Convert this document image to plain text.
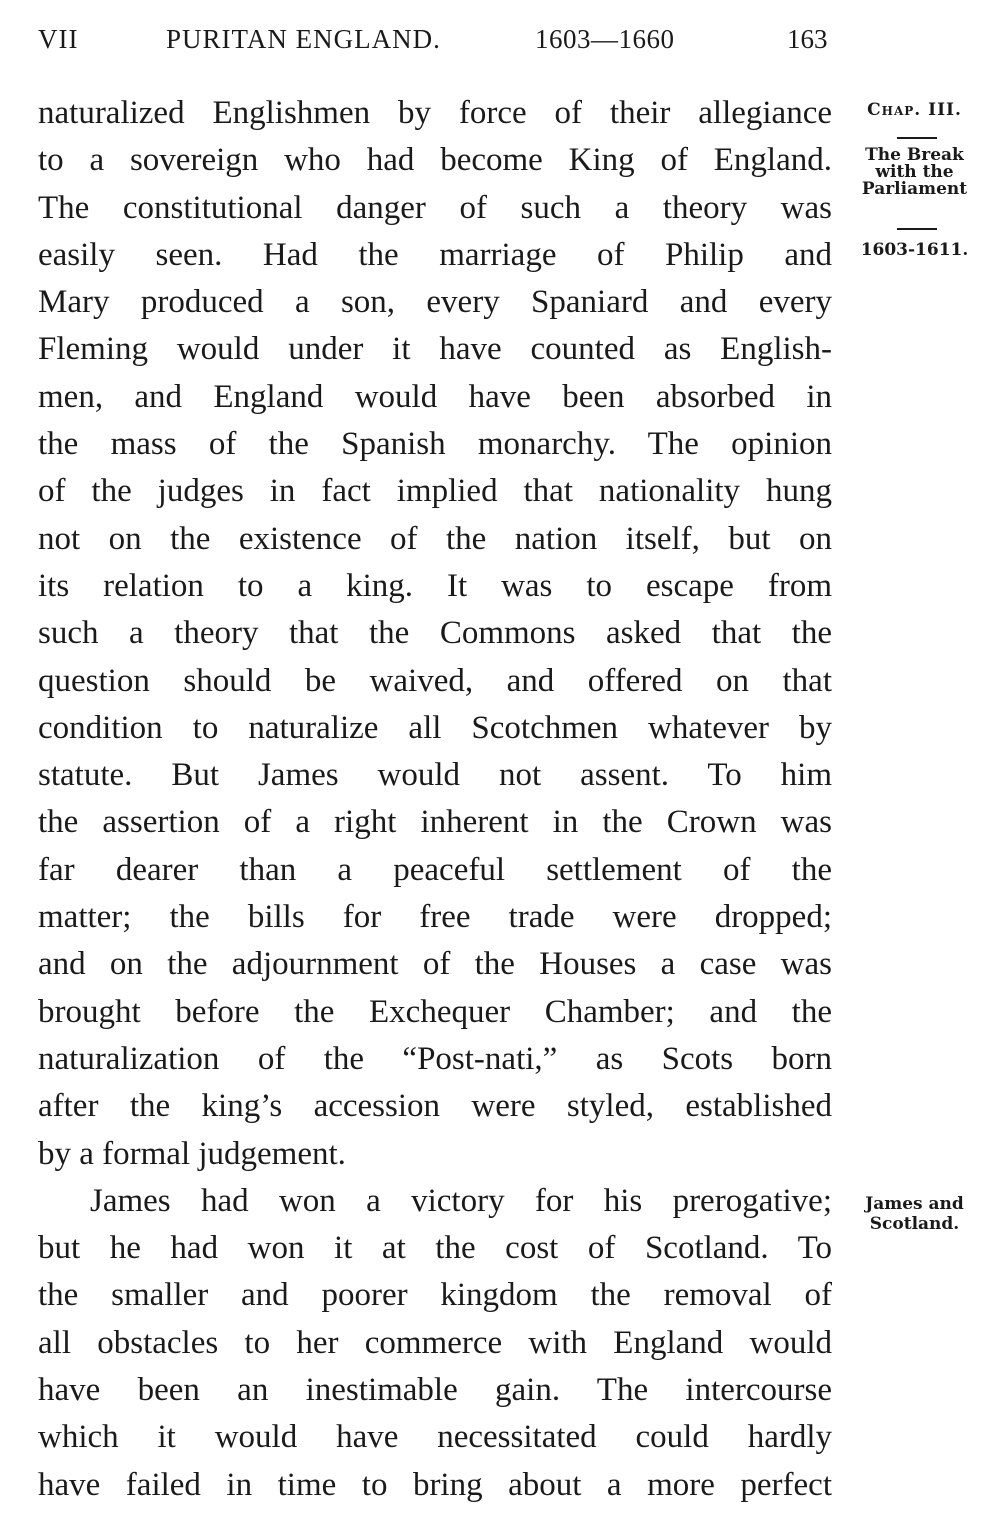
VII	PURITAN ENGLAND.	1603—1660	163
naturalized Englishmen by force of their allegiance
to a sovereign who had become King of England.
The constitutional danger of such a theory was
easily seen. Had the marriage of Philip and
Mary produced a son, every Spaniard and every
Fleming would under it have counted as English-
men, and England would have been absorbed in
the mass of the Spanish monarchy. The opinion
of the judges in fact implied that nationality hung
not on the existence of the nation itself, but on
its relation to a king. It was to escape from
such a theory that the Commons asked that the
question should be waived, and offered on that
condition to naturalize all Scotchmen whatever by
statute. But James would not assent. To him
the assertion of a right inherent in the Crown was
far dearer than a peaceful settlement of the
matter; the bills for free trade were dropped;
and on the adjournment of the Houses a case was
brought before the Exchequer Chamber; and the
naturalization of the “Post-nati,” as Scots born
after the king’s accession were styled, established
by a formal judgement.
James had won a victory for his prerogative;
but he had won it at the cost of Scotland. To
the smaller and poorer kingdom the removal of
all obstacles to her commerce with England would
have been an inestimable gain. The intercourse
which it would have necessitated could hardly
have failed in time to bring about a more perfect
Chap. III.
The Break
with the
Parliament
1603-1611.
James and
Scotland.
